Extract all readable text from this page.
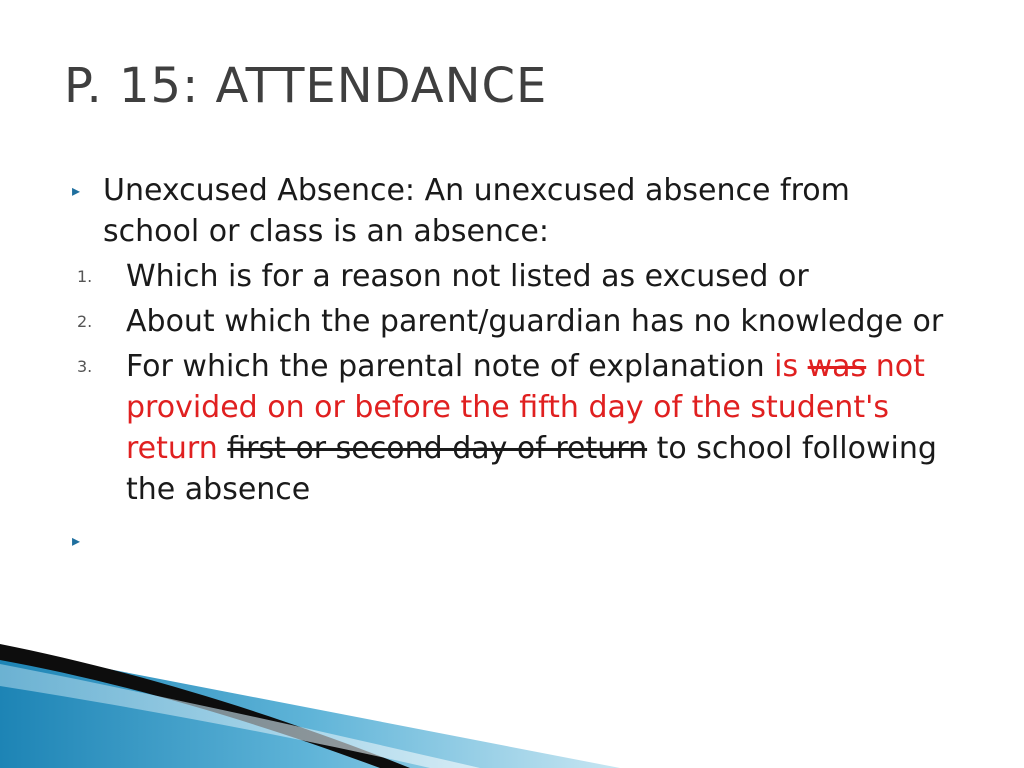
P. 15: ATTENDANCE
▸ Unexcused Absence: An unexcused absence from school or class is an absence:
1.	Which is for a reason not listed as excused or
2.	About which the parent/guardian has no knowledge or
3.	For which the parental note of explanation is was not provided on or before the fifth day of the student's return first or second day of return to school following the absence
▸
